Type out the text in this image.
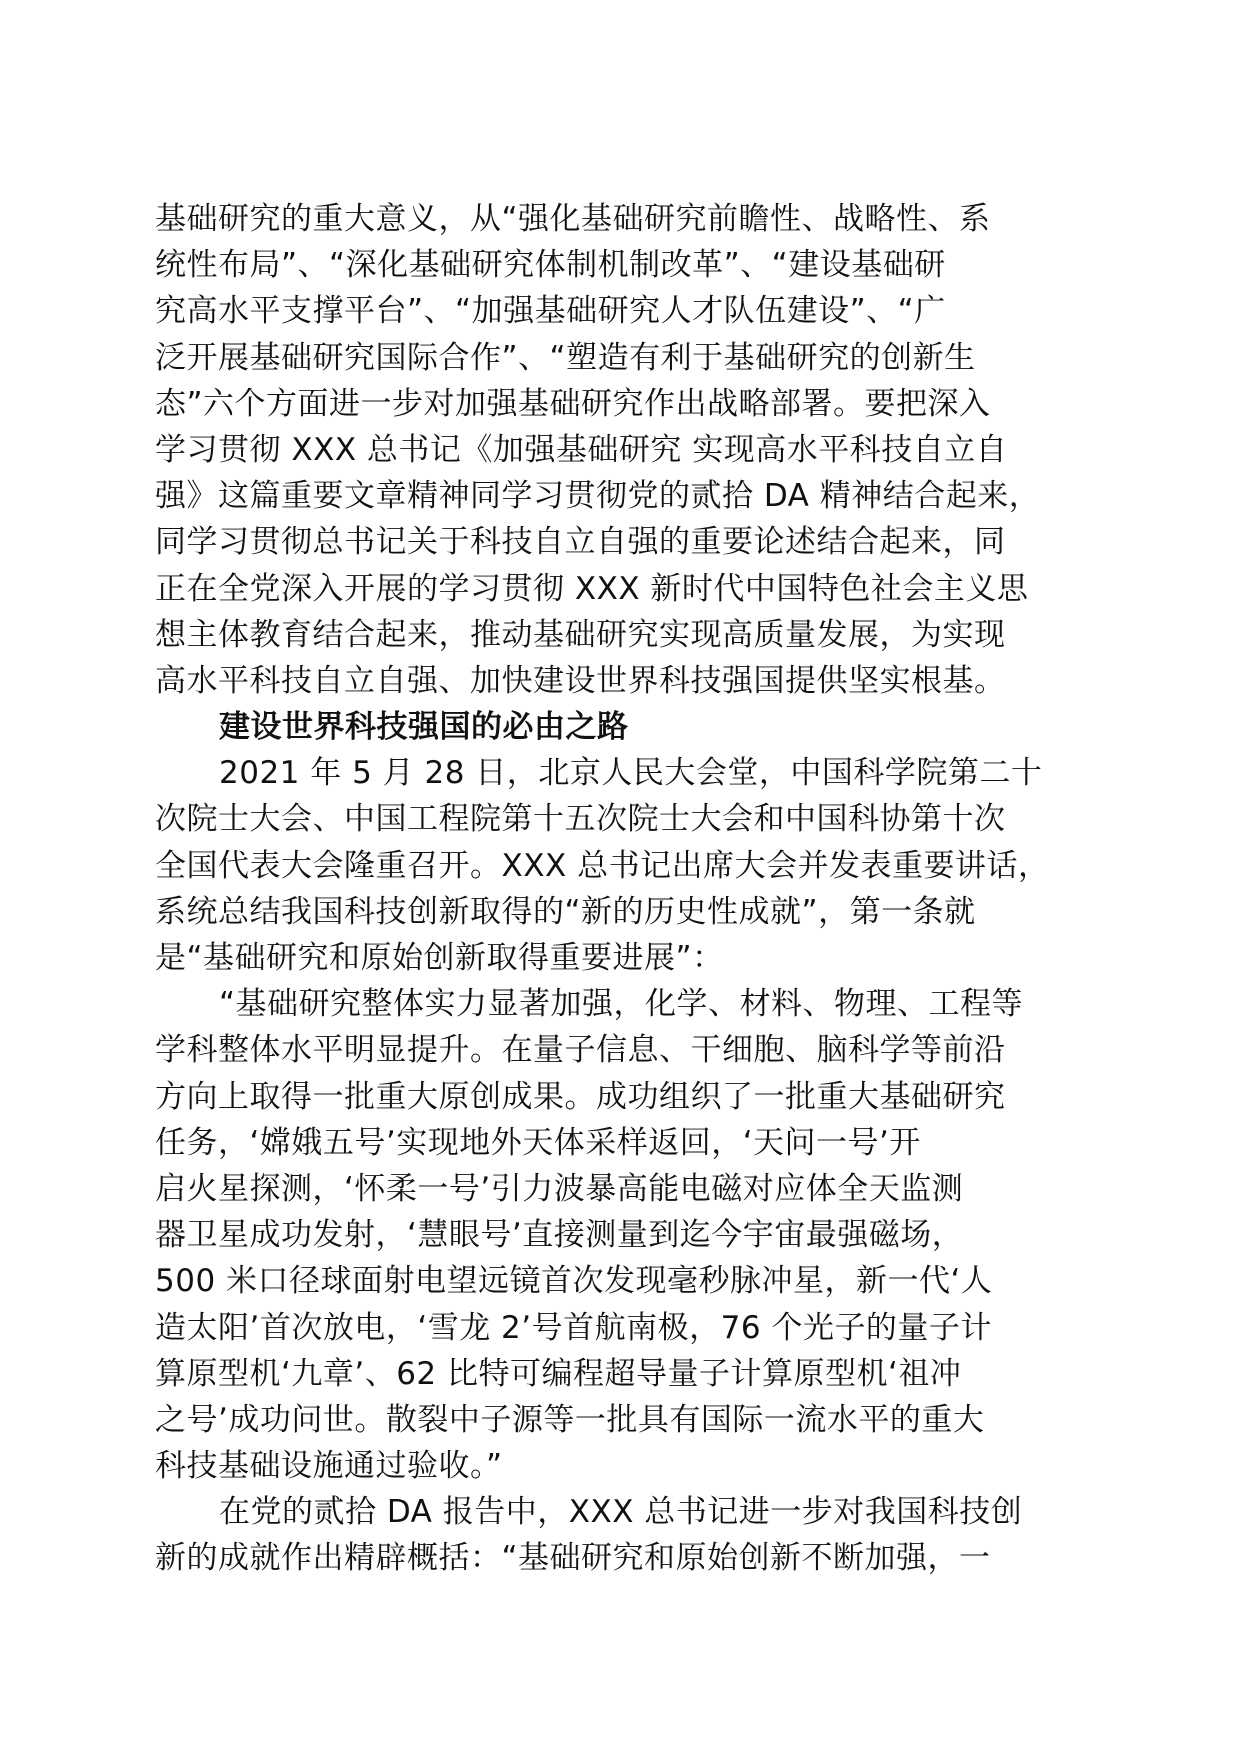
基础研究的重大意义，从“强化基础研究前瞻性、战略性、系
统性布局”、“深化基础研究体制机制改革”、“建设基础研
究高水平支撑平台”、“加强基础研究人才队伍建设”、“广
泛开展基础研究国际合作”、“塑造有利于基础研究的创新生
态”六个方面进一步对加强基础研究作出战略部署。要把深入
学习贯彻 XXX 总书记《加强基础研究 实现高水平科技自立自
强》这篇重要文章精神同学习贯彻党的贰拾 DA 精神结合起来，
同学习贯彻总书记关于科技自立自强的重要论述结合起来，同
正在全党深入开展的学习贯彻 XXX 新时代中国特色社会主义思
想主体教育结合起来，推动基础研究实现高质量发展，为实现
高水平科技自立自强、加快建设世界科技强国提供坚实根基。
建设世界科技强国的必由之路
2021 年 5 月 28 日，北京人民大会堂，中国科学院第二十
次院士大会、中国工程院第十五次院士大会和中国科协第十次
全国代表大会隆重召开。XXX 总书记出席大会并发表重要讲话，
系统总结我国科技创新取得的“新的历史性成就”，第一条就
是“基础研究和原始创新取得重要进展”：
“基础研究整体实力显著加强，化学、材料、物理、工程等
学科整体水平明显提升。在量子信息、干细胞、脑科学等前沿
方向上取得一批重大原创成果。成功组织了一批重大基础研究
任务，‘嫦娥五号’实现地外天体采样返回，‘天问一号’开
启火星探测，‘怀柔一号’引力波暴高能电磁对应体全天监测
器卫星成功发射，‘慧眼号’直接测量到迄今宇宙最强磁场，
500 米口径球面射电望远镜首次发现毫秒脉冲星，新一代‘人
造太阳’首次放电，‘雪龙 2’号首航南极，76 个光子的量子计
算原型机‘九章’、62 比特可编程超导量子计算原型机‘祖冲
之号’成功问世。散裂中子源等一批具有国际一流水平的重大
科技基础设施通过验收。”
在党的贰拾 DA 报告中，XXX 总书记进一步对我国科技创
新的成就作出精辟概括：“基础研究和原始创新不断加强，一
